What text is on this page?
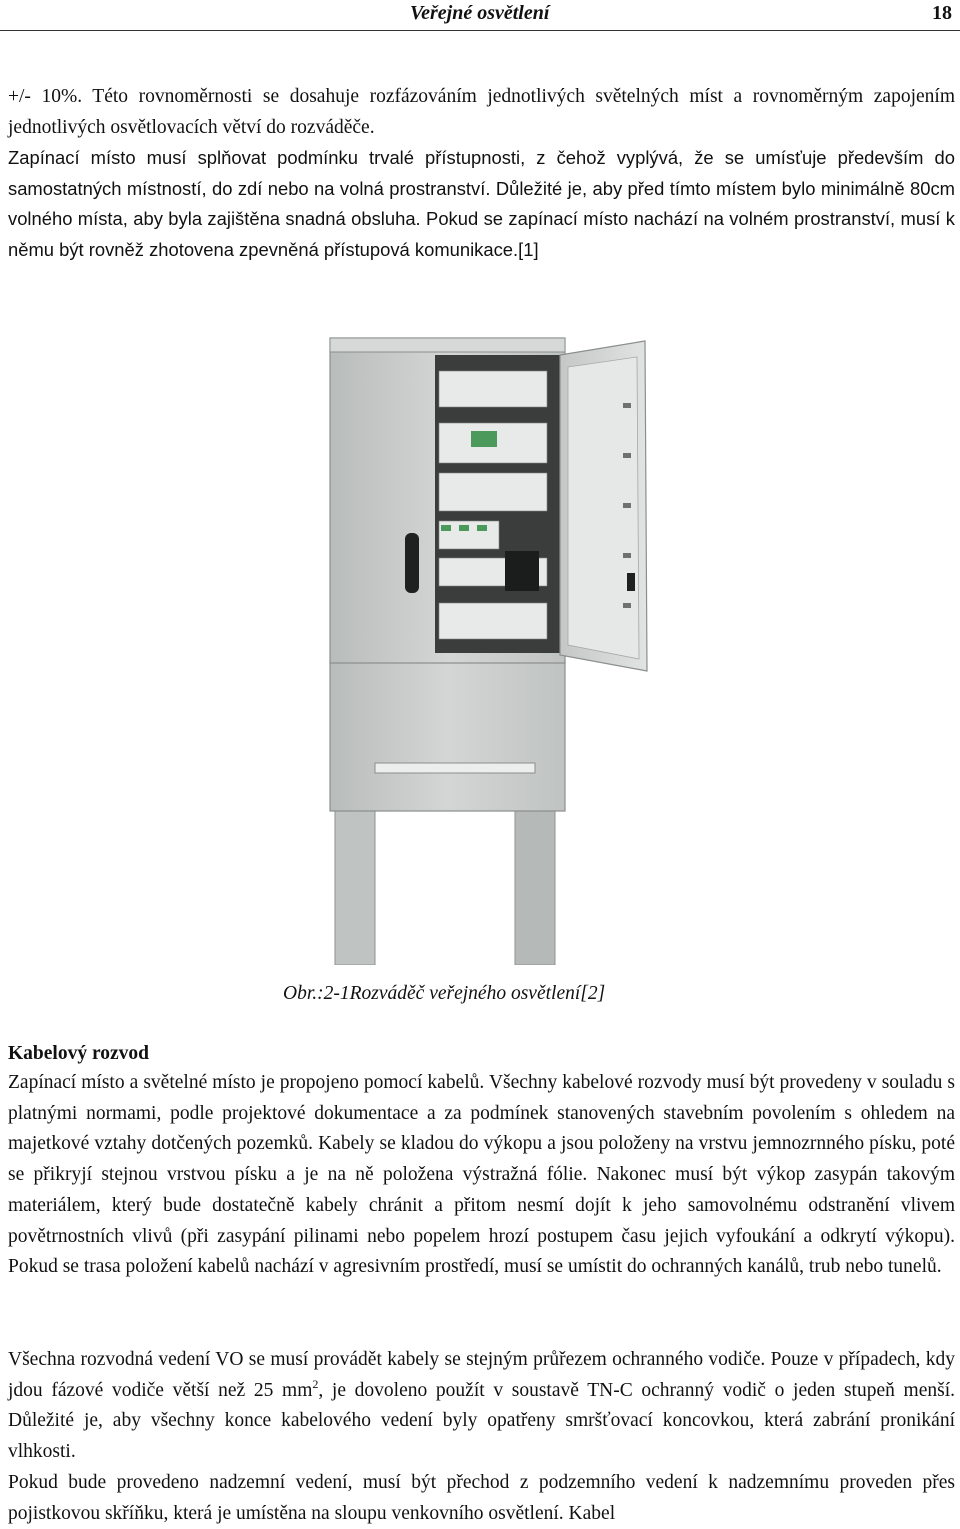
Veřejné osvětlení	18

+/- 10%. Této rovnoměrnosti se dosahuje rozfázováním jednotlivých světelných míst a rovnoměrným zapojením jednotlivých osvětlovacích větví do rozváděče.

Zapínací místo musí splňovat podmínku trvalé přístupnosti, z čehož vyplývá, že se umísťuje především do samostatných místností, do zdí nebo na volná prostranství. Důležité je, aby před tímto místem bylo minimálně 80cm volného místa, aby byla zajištěna snadná obsluha. Pokud se zapínací místo nachází na volném prostranství, musí k němu být rovněž zhotovena zpevněná přístupová komunikace.[1]

Obr.:2-1Rozváděč veřejného osvětlení[2]
Kabelový rozvod

Zapínací místo a světelné místo je propojeno pomocí kabelů. Všechny kabelové rozvody musí být provedeny v souladu s platnými normami, podle projektové dokumentace a za podmínek stanovených stavebním povolením s ohledem na majetkové vztahy dotčených pozemků. Kabely se kladou do výkopu a jsou položeny na vrstvu jemnozrnného písku, poté se přikryjí stejnou vrstvou písku a je na ně položena výstražná fólie. Nakonec musí být výkop zasypán takovým materiálem, který bude dostatečně kabely chránit a přitom nesmí dojít k jeho samovolnému odstranění vlivem povětrnostních vlivů (při zasypání pilinami nebo popelem hrozí postupem času jejich vyfoukání a odkrytí výkopu). Pokud se trasa položení kabelů nachází v agresivním prostředí, musí se umístit do ochranných kanálů, trub nebo tunelů.

Všechna rozvodná vedení VO se musí provádět kabely se stejným průřezem ochranného vodiče. Pouze v případech, kdy jdou fázové vodiče větší než 25 $mm^2$, je dovoleno použít v soustavě TN-C ochranný vodič o jeden stupeň menší. Důležité je, aby všechny konce kabelového vedení byly opatřeny smršťovací koncovkou, která zabrání pronikání vlhkosti.

Pokud bude provedeno nadzemní vedení, musí být přechod z podzemního vedení k nadzemnímu proveden přes pojistkovou skříňku, která je umístěna na sloupu venkovního osvětlení. Kabel
